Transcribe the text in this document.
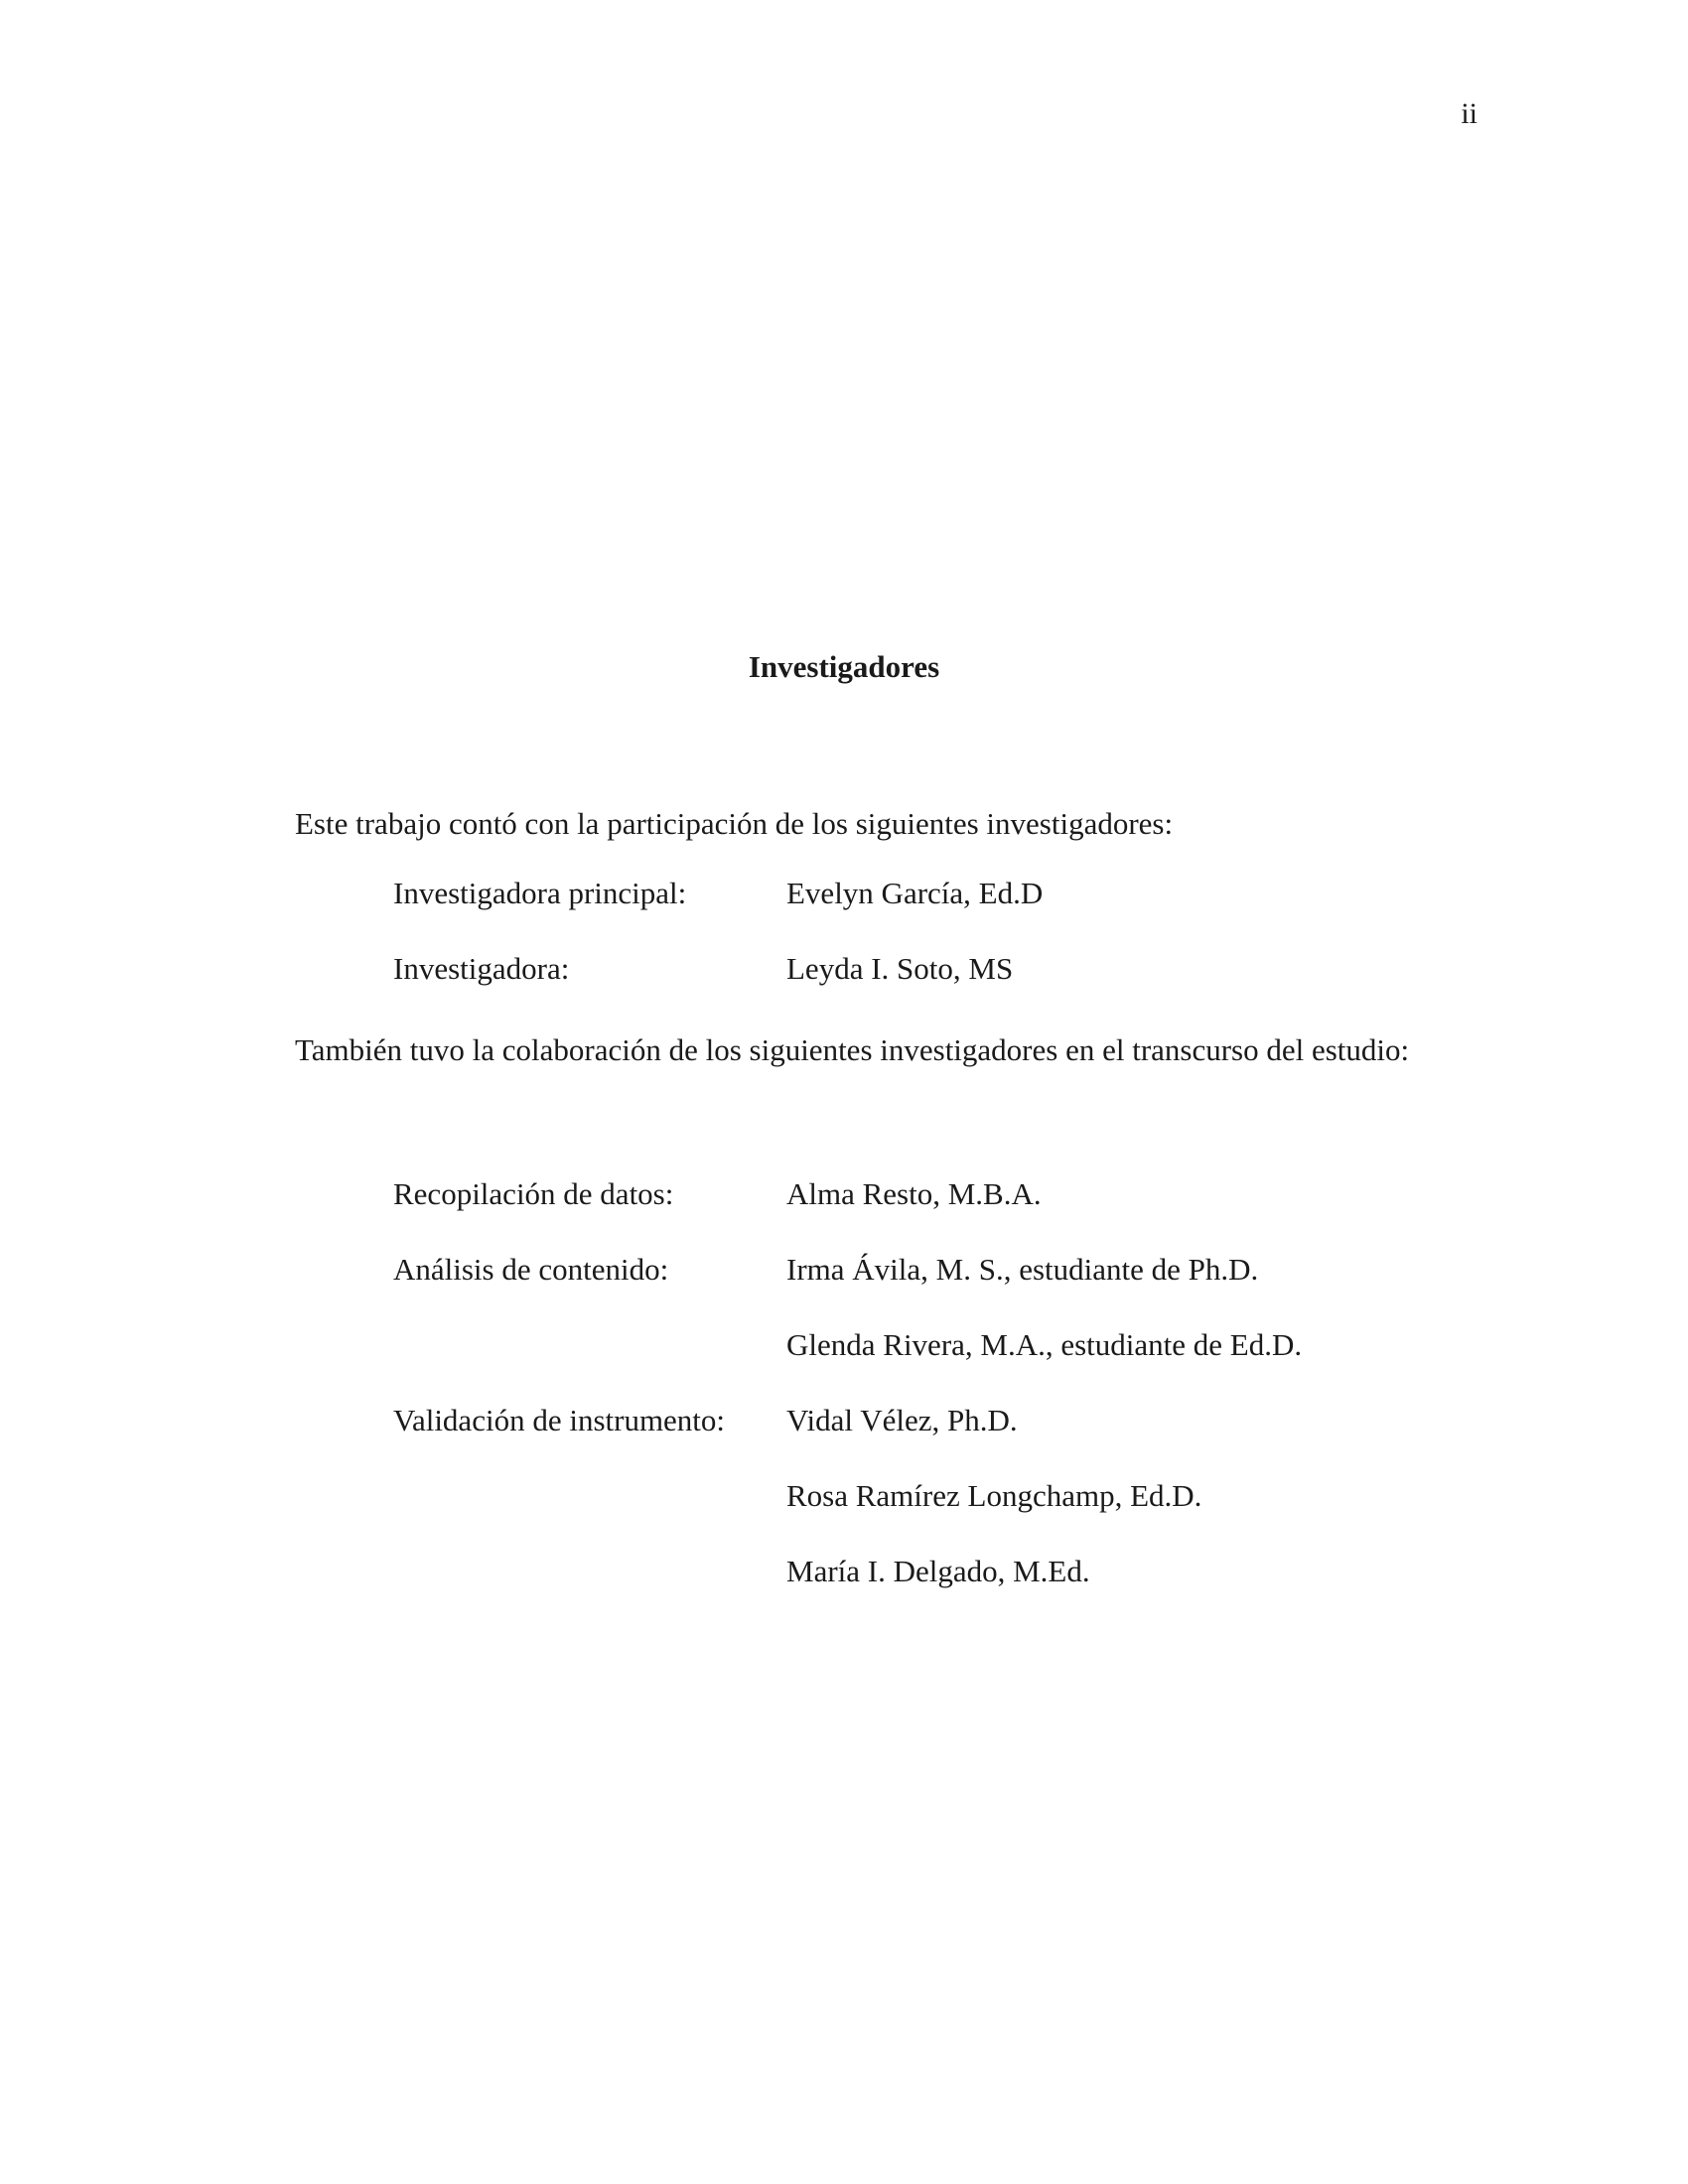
ii
Investigadores
Este trabajo contó con la participación de los siguientes investigadores:
Investigadora principal:	Evelyn García, Ed.D
Investigadora:	Leyda I. Soto, MS
También tuvo la colaboración de los siguientes investigadores en el transcurso del estudio:
Recopilación de datos:	Alma Resto, M.B.A.
Análisis de contenido:	Irma Ávila, M. S., estudiante de Ph.D.
Glenda Rivera, M.A., estudiante de Ed.D.
Validación de instrumento: Vidal Vélez, Ph.D.
Rosa Ramírez Longchamp, Ed.D.
María I. Delgado, M.Ed.
